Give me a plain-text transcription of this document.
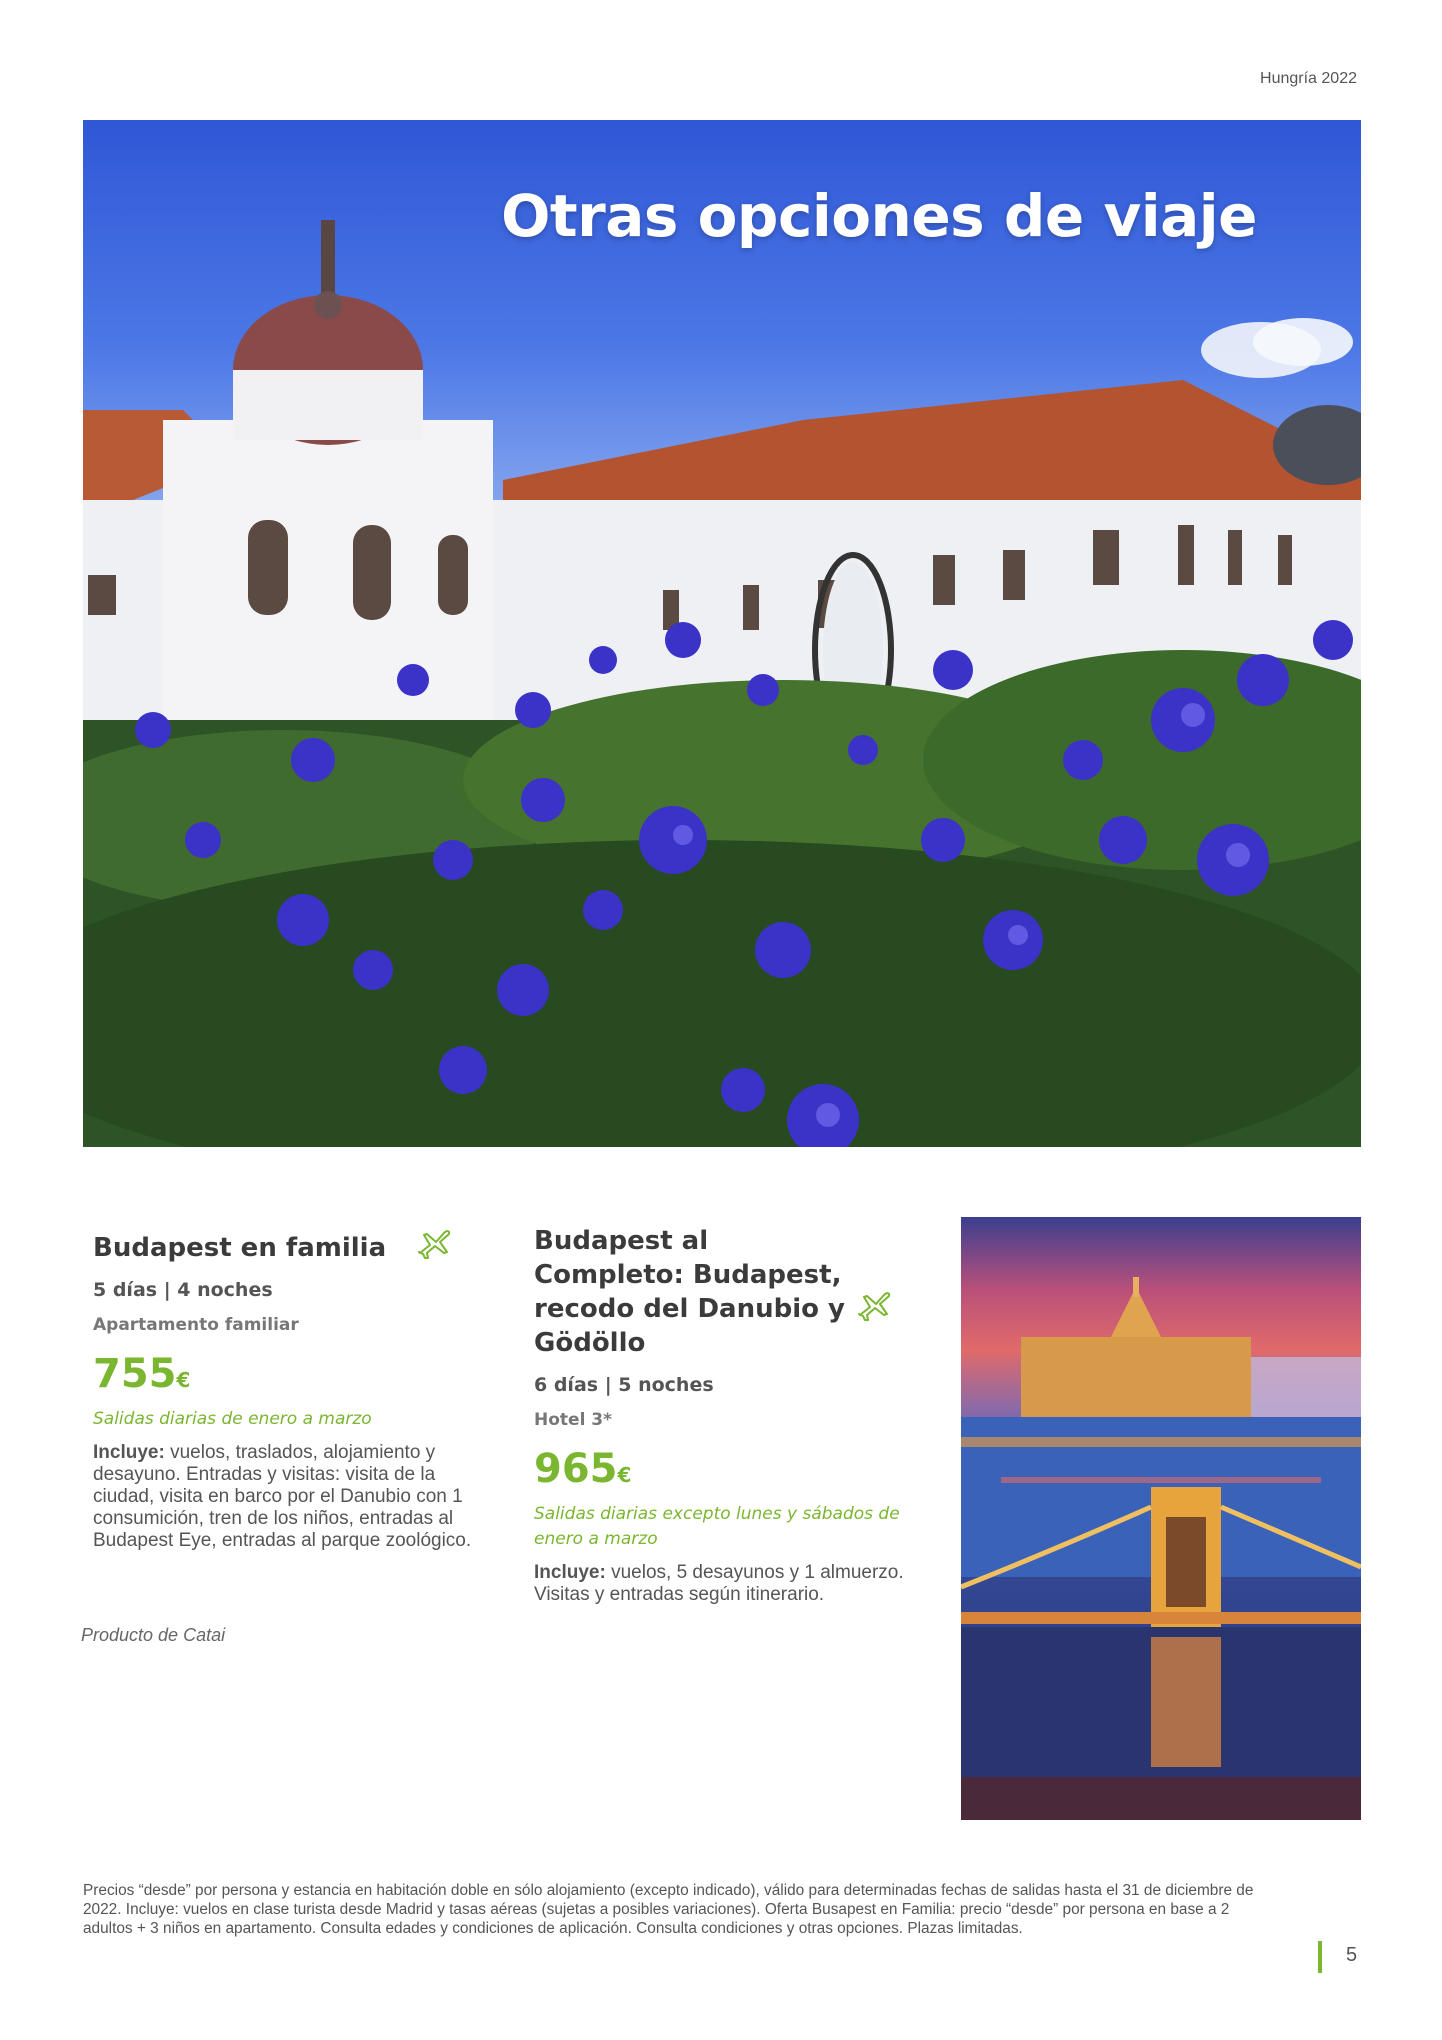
Hungría 2022
Otras opciones de viaje
Budapest en familia
5 días | 4 noches
Apartamento familiar
755€
Salidas diarias de enero a marzo
Incluye: vuelos, traslados, alojamiento y desayuno. Entradas y visitas: visita de la ciudad, visita en barco por el Danubio con 1 consumición, tren de los niños, entradas al Budapest Eye, entradas al parque zoológico.
Budapest al Completo: Budapest, recodo del Danubio y Gödöllo
6 días | 5 noches
Hotel 3*
965€
Salidas diarias excepto lunes y sábados de enero a marzo
Incluye: vuelos, 5 desayunos y 1 almuerzo. Visitas y entradas según itinerario.
Producto de Catai
Precios “desde” por persona y estancia en habitación doble en sólo alojamiento (excepto indicado), válido para determinadas fechas de salidas hasta el 31 de diciembre de 2022. Incluye: vuelos en clase turista desde Madrid y tasas aéreas (sujetas a posibles variaciones). Oferta Busapest en Familia: precio “desde” por persona en base a 2 adultos + 3 niños en apartamento. Consulta edades y condiciones de aplicación. Consulta condiciones y otras opciones. Plazas limitadas.
5
